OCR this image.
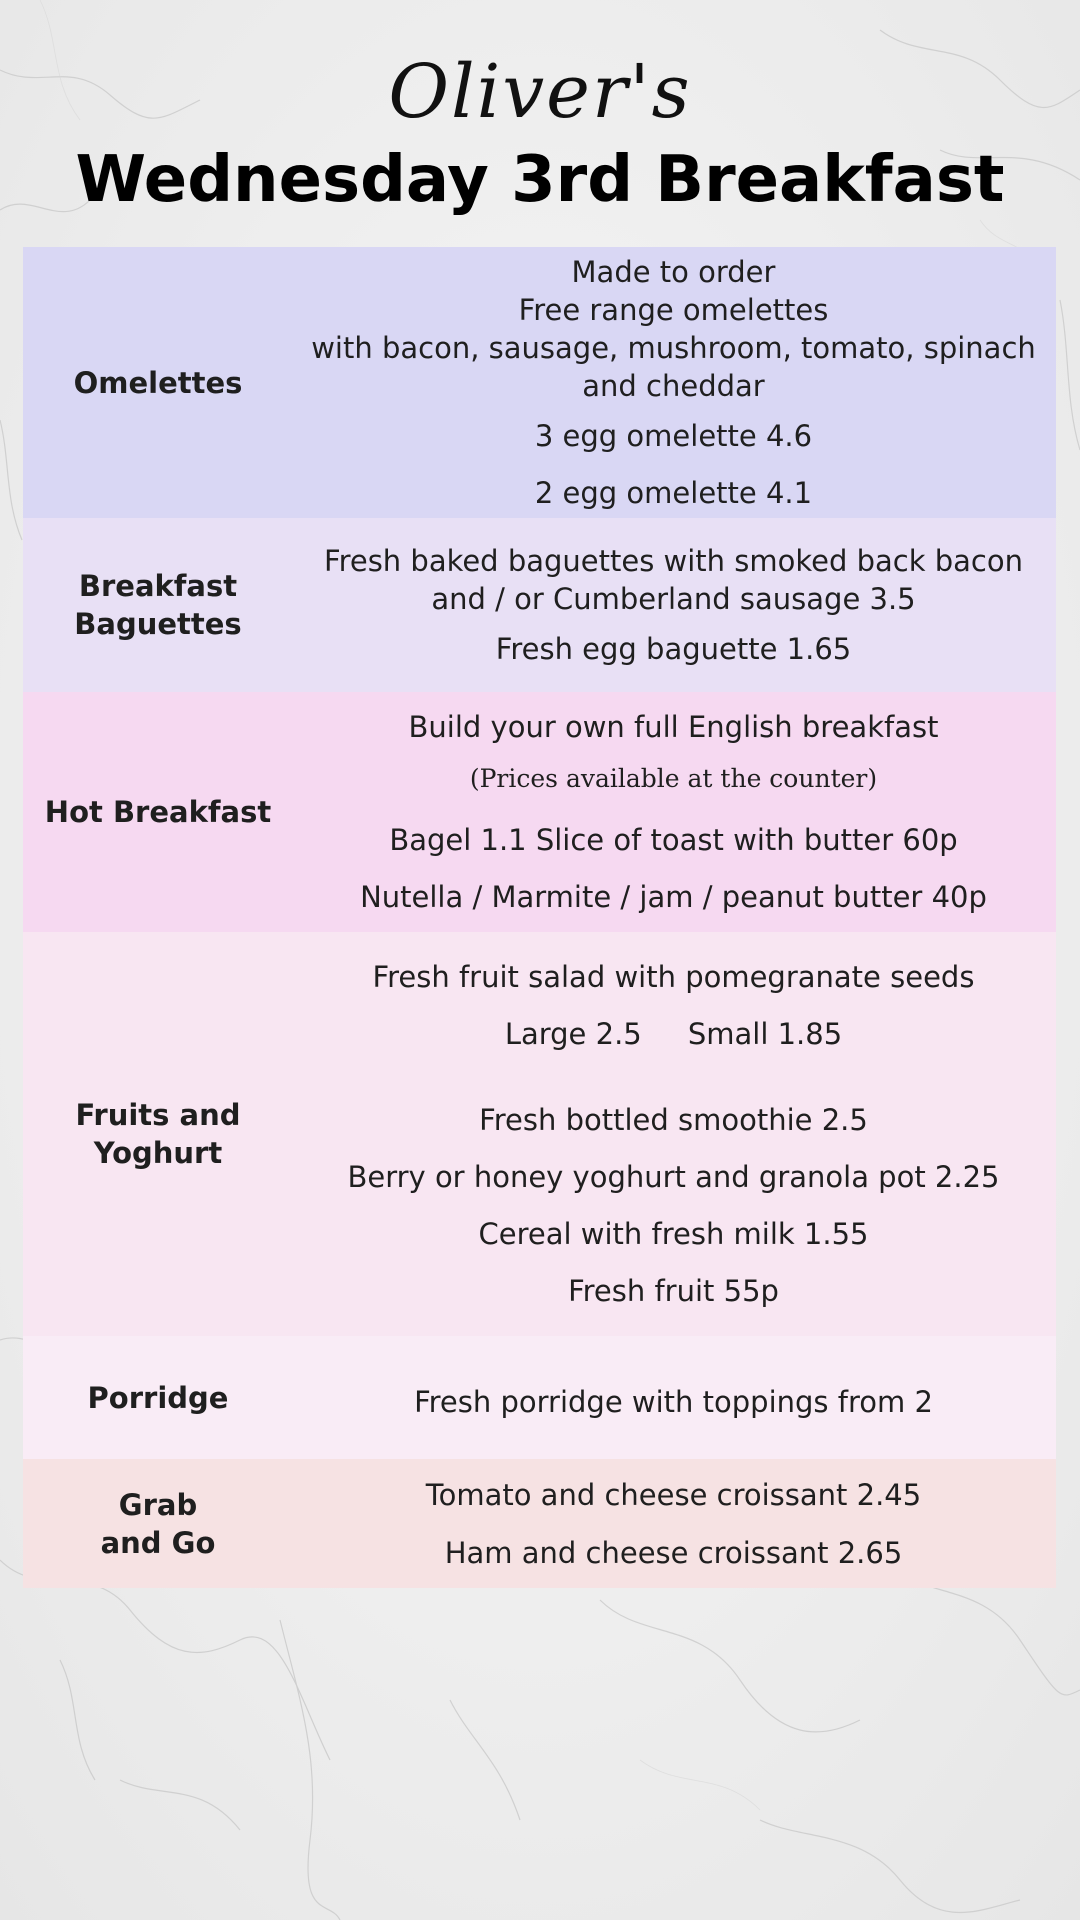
Oliver's
Wednesday 3rd Breakfast
Omelettes

Made to order

Free range omelettes

with bacon, sausage, mushroom, tomato, spinach and cheddar

3 egg omelette 4.6

2 egg omelette 4.1

Breakfast
Baguettes

Fresh baked baguettes with smoked back bacon and / or Cumberland sausage 3.5

Fresh egg baguette 1.65

Hot Breakfast

Build your own full English breakfast

(Prices available at the counter)

Bagel 1.1 Slice of toast with butter 60p

Nutella / Marmite / jam / peanut butter 40p

Fruits and
Yoghurt

Fresh fruit salad with pomegranate seeds

Large 2.5     Small 1.85

Fresh bottled smoothie 2.5

Berry or honey yoghurt and granola pot 2.25

Cereal with fresh milk 1.55

Fresh fruit 55p

Porridge	Fresh porridge with toppings from 2

Grab
and Go

Tomato and cheese croissant 2.45

Ham and cheese croissant 2.65
